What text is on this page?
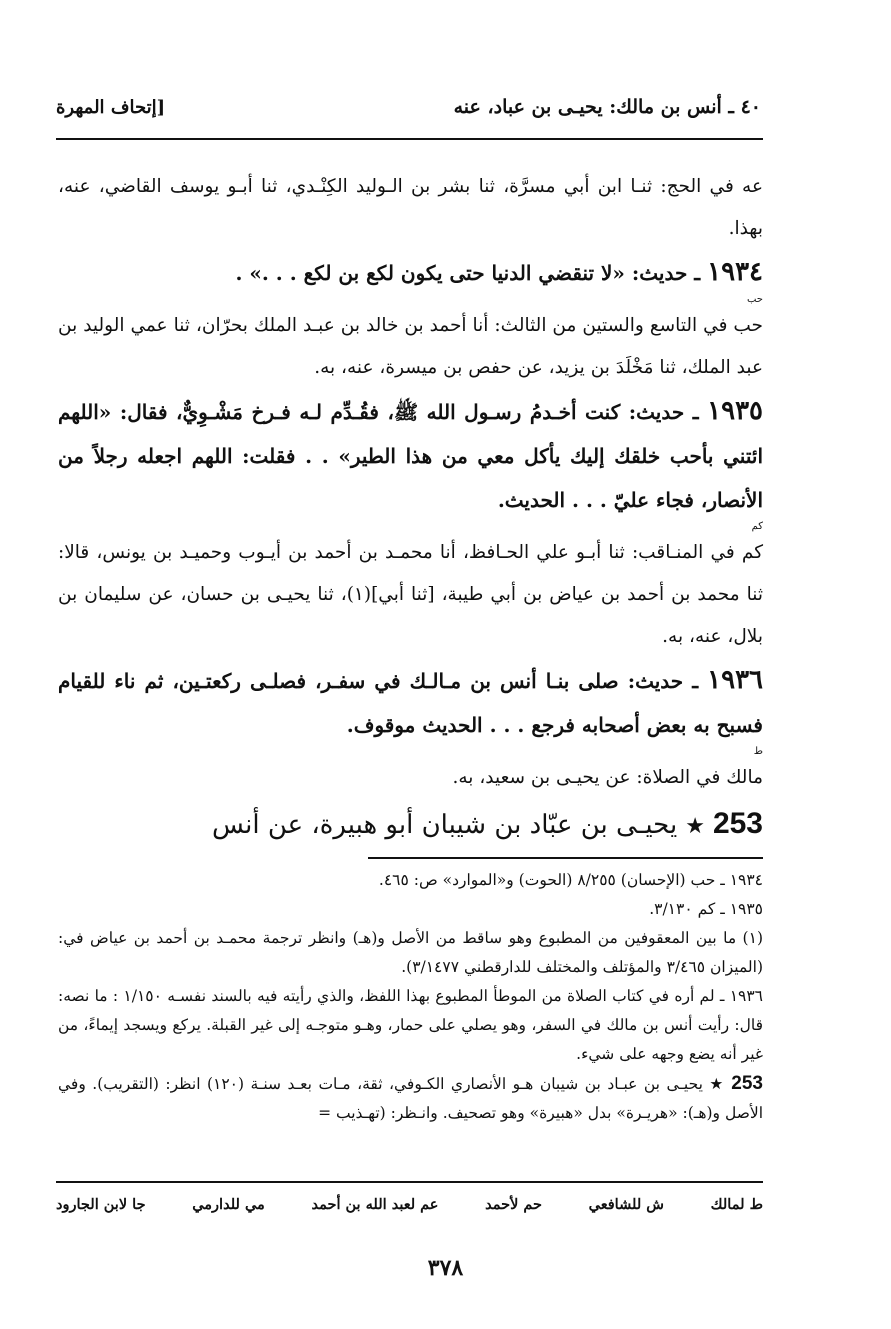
٤٠ ـ أنس بن مالك: يحيـى بن عباد، عنه
[إتحاف المهرة

عه في الحج: ثنـا ابن أبي مسرَّة، ثنا بشر بن الـوليد الكِنْـدي، ثنا أبـو يوسف القاضي، عنه، بهذا.

١٩٣٤ ـ حديث: «لا تنقضي الدنيا حتى يكون لكع بن لكع . . .» .

حب

حب في التاسع والستين من الثالث: أنا أحمد بن خالد بن عبـد الملك بحرّان، ثنا عمي الوليد بن عبد الملك، ثنا مَخْلَدَ بن يزيد، عن حفص بن ميسرة، عنه، به.

١٩٣٥ ـ حديث: كنت أخـدمُ رسـول الله ﷺ، فقُـدِّم لـه فـرخ مَشْـوِيٌّ، فقال: «اللهم ائتني بأحب خلقك إليك يأكل معي من هذا الطير» . . فقلت: اللهم اجعله رجلاً من الأنصار، فجاء عليّ . . . الحديث.

كم

كم في المنـاقب: ثنا أبـو علي الحـافظ، أنا محمـد بن أحمد بن أيـوب وحميـد بن يونس، قالا: ثنا محمد بن أحمد بن عياض بن أبي طيبة، [ثنا أبي](١)، ثنا يحيـى بن حسان، عن سليمان بن بلال، عنه، به.

١٩٣٦ ـ حديث: صلى بنـا أنس بن مـالـك في سفـر، فصلـى ركعتـين، ثم ناء للقيام فسبح به بعض أصحابه فرجع . . . الحديث موقوف.

ط

مالك في الصلاة: عن يحيـى بن سعيد، به.

253★يحيـى بن عبّاد بن شيبان أبو هبيرة، عن أنس

١٩٣٤ ـ حب (الإحسان) ٨/٢٥٥ (الحوت) و«الموارد» ص: ٤٦٥.

١٩٣٥ ـ كم ٣/١٣٠.

(١) ما بين المعقوفين من المطبوع وهو ساقط من الأصل و(هـ) وانظر ترجمة محمـد بن أحمد بن عياض في: (الميزان ٣/٤٦٥ والمؤتلف والمختلف للدارقطني ٣/١٤٧٧).

١٩٣٦ ـ لم أره في كتاب الصلاة من الموطأ المطبوع بهذا اللفظ، والذي رأيته فيه بالسند نفسـه ١/١٥٠ : ما نصه: قال: رأيت أنس بن مالك في السفر، وهو يصلي على حمار، وهـو متوجـه إلى غير القبلة. يركع ويسجد إيماءً، من غير أنه يضع وجهه على شيء.

253 ★ يحيـى بن عبـاد بن شيبان هـو الأنصاري الكـوفي، ثقة، مـات بعـد سنـة (١٢٠) انظر: (التقريب). وفي الأصل و(هـ): «هريـرة» بدل «هبيرة» وهو تصحيف. وانـظر: (تهـذيب =

ط لمالك
ش للشافعي
حم لأحمد
عم لعبد الله بن أحمد
مي للدارمي
جا لابن الجارود
٣٧٨
